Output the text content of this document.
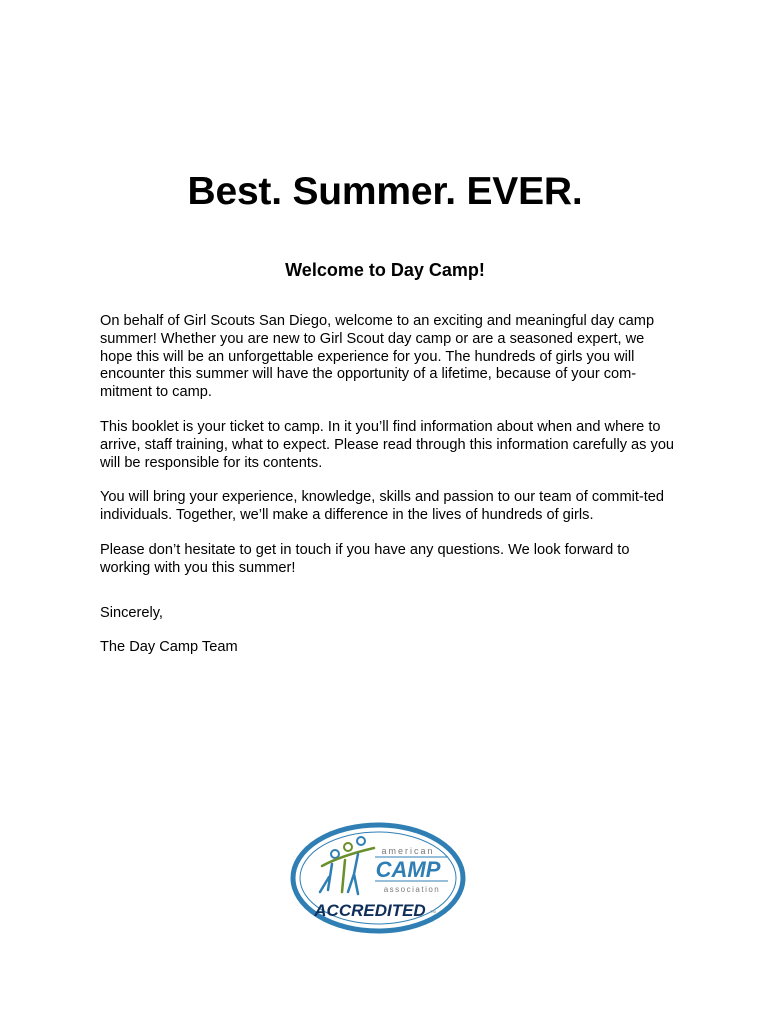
Best. Summer. EVER.
Welcome to Day Camp!

On behalf of Girl Scouts San Diego, welcome to an exciting and meaningful day camp summer! Whether you are new to Girl Scout day camp or are a seasoned expert, we hope this will be an unforgettable experience for you. The hundreds of girls you will encounter this summer will have the opportunity of a lifetime, because of your com-mitment to camp.

This booklet is your ticket to camp. In it you’ll find information about when and where to arrive, staff training, what to expect. Please read through this information carefully as you will be responsible for its contents.

You will bring your experience, knowledge, skills and passion to our team of commit-ted individuals. Together, we’ll make a difference in the lives of hundreds of girls.

Please don’t hesitate to get in touch if you have any questions. We look forward to working with you this summer!

Sincerely,

The Day Camp Team

american
CAMP
association
ACCREDITED TM
